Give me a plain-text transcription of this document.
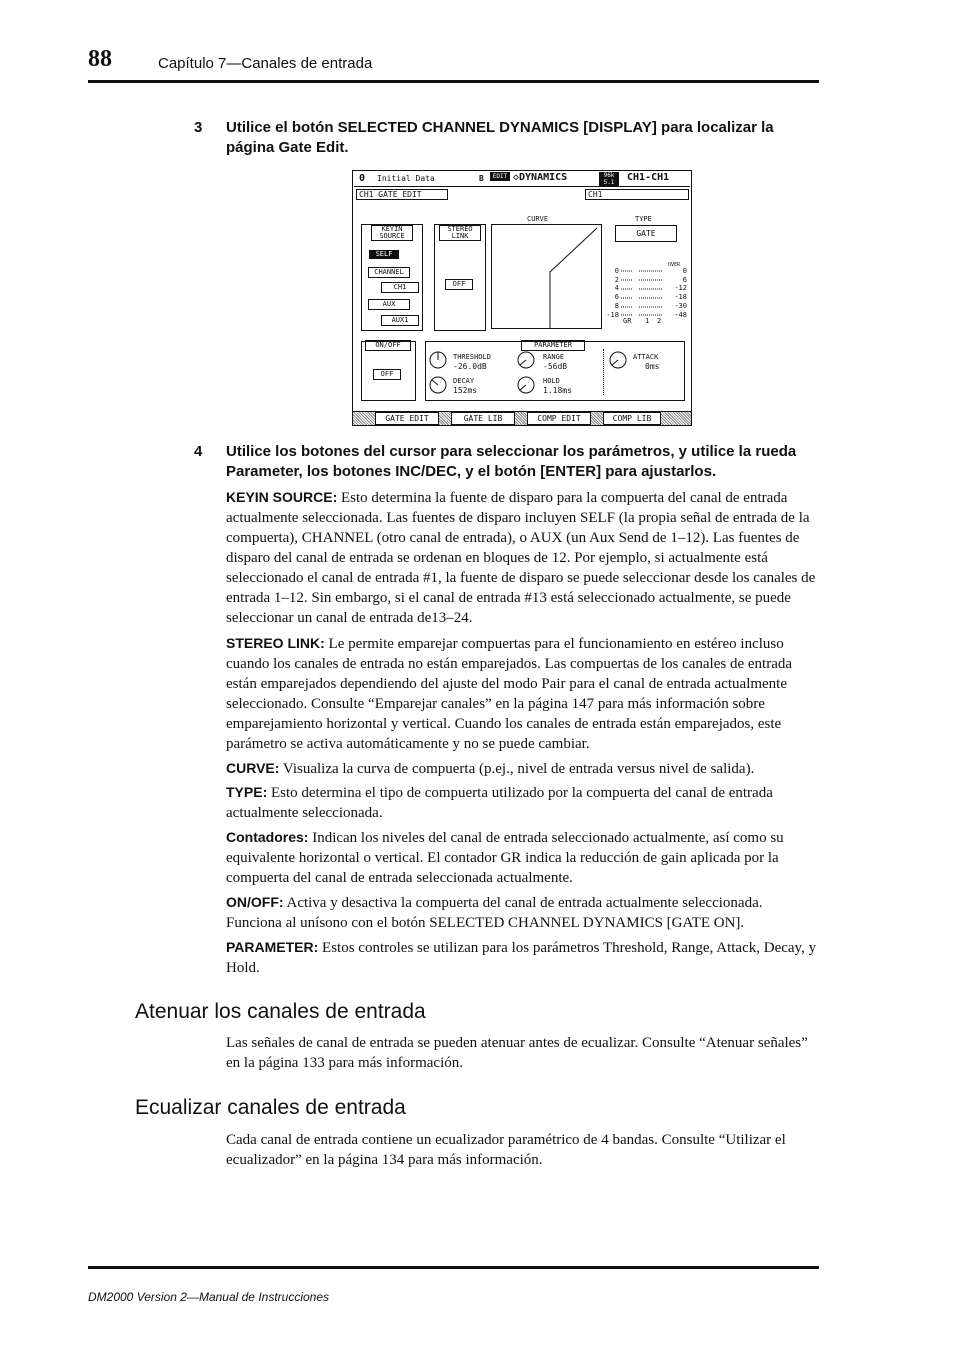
88	Capítulo 7—Canales de entrada
3 Utilice el botón SELECTED CHANNEL DYNAMICS [DISPLAY] para localizar la página Gate Edit.
0 Initial Data	B	EDIT ◇DYNAMICS	96k
5.1	CH1-CH1
CH1 GATE EDIT	CH1
KEYIN SOURCE
SELF
CHANNEL
CH1
AUX
AUX1
STEREO LINK
OFF
CURVE	TYPE
GATE
OVER
0
2
4
6
8
-18
0
6
-12
-18
-30
-48
GR 1 2
ON/OFF
OFF
PARAMETER
THRESHOLD
-26.0dB
DECAY
152ms
RANGE
-56dB
HOLD
1.18ms
ATTACK
0ms
GATE EDIT	GATE LIB	COMP EDIT	COMP LIB
4 Utilice los botones del cursor para seleccionar los parámetros, y utilice la rueda Parameter, los botones INC/DEC, y el botón [ENTER] para ajustarlos.
KEYIN SOURCE: Esto determina la fuente de disparo para la compuerta del canal de entrada actualmente seleccionada. Las fuentes de disparo incluyen SELF (la propia señal de entrada de la compuerta), CHANNEL (otro canal de entrada), o AUX (un Aux Send de 1–12). Las fuentes de disparo del canal de entrada se ordenan en bloques de 12. Por ejemplo, si actualmente está seleccionado el canal de entrada #1, la fuente de disparo se puede seleccionar desde los canales de entrada 1–12. Sin embargo, si el canal de entrada #13 está seleccionado actualmente, se puede seleccionar un canal de entrada de13–24.
STEREO LINK: Le permite emparejar compuertas para el funcionamiento en estéreo incluso cuando los canales de entrada no están emparejados. Las compuertas de los canales de entrada están emparejados dependiendo del ajuste del modo Pair para el canal de entrada actualmente seleccionado. Consulte “Emparejar canales” en la página 147 para más información sobre emparejamiento horizontal y vertical. Cuando los canales de entrada están emparejados, este parámetro se activa automáticamente y no se puede cambiar.
CURVE: Visualiza la curva de compuerta (p.ej., nivel de entrada versus nivel de salida).
TYPE: Esto determina el tipo de compuerta utilizado por la compuerta del canal de entrada actualmente seleccionada.
Contadores: Indican los niveles del canal de entrada seleccionado actualmente, así como su equivalente horizontal o vertical. El contador GR indica la reducción de gain aplicada por la compuerta del canal de entrada seleccionada actualmente.
ON/OFF: Activa y desactiva la compuerta del canal de entrada actualmente seleccionada. Funciona al unísono con el botón SELECTED CHANNEL DYNAMICS [GATE ON].
PARAMETER: Estos controles se utilizan para los parámetros Threshold, Range, Attack, Decay, y Hold.
Atenuar los canales de entrada
Las señales de canal de entrada se pueden atenuar antes de ecualizar. Consulte “Atenuar señales” en la página 133 para más información.
Ecualizar canales de entrada
Cada canal de entrada contiene un ecualizador paramétrico de 4 bandas. Consulte “Utilizar el ecualizador” en la página 134 para más información.
DM2000 Version 2—Manual de Instrucciones
